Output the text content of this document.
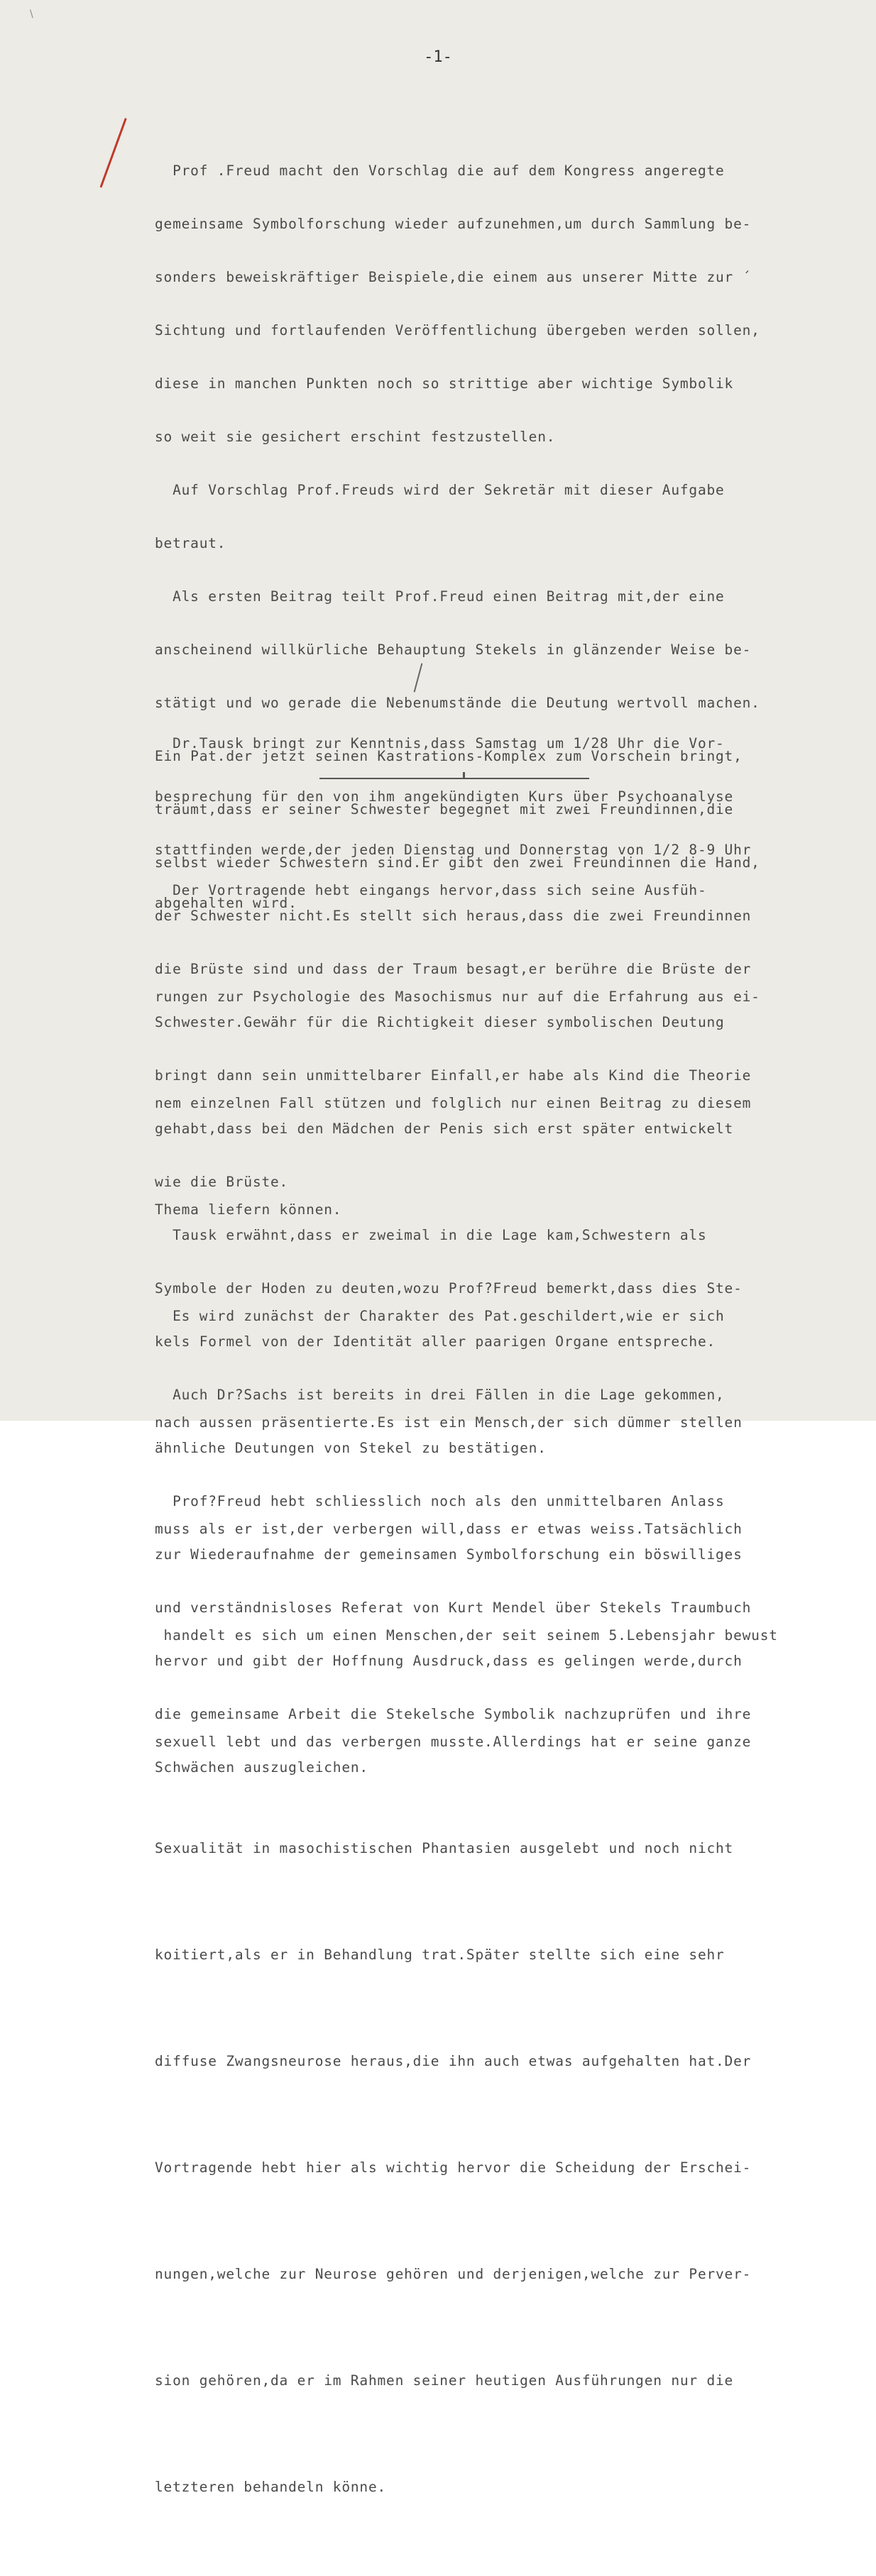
\
-1-

Prof .Freud macht den Vorschlag die auf dem Kongress angeregte

gemeinsame Symbolforschung wieder aufzunehmen,um durch Sammlung be-

sonders beweiskräftiger Beispiele,die einem aus unserer Mitte zur ´

Sichtung und fortlaufenden Veröffentlichung übergeben werden sollen,

diese in manchen Punkten noch so strittige aber wichtige Symbolik

so weit sie gesichert erschint festzustellen.

Auf Vorschlag Prof.Freuds wird der Sekretär mit dieser Aufgabe

betraut.

Als ersten Beitrag teilt Prof.Freud einen Beitrag mit,der eine

anscheinend willkürliche Behauptung Stekels in glänzender Weise be-

stätigt und wo gerade die Nebenumstände die Deutung wertvoll machen.

Ein Pat.der jetzt seinen Kastrations-Komplex zum Vorschein bringt,

träumt,dass er seiner Schwester begegnet mit zwei Freundinnen,die

selbst wieder Schwestern sind.Er gibt den zwei Freundinnen die Hand,

der Schwester nicht.Es stellt sich heraus,dass die zwei Freundinnen

die Brüste sind und dass der Traum besagt,er berühre die Brüste der

Schwester.Gewähr für die Richtigkeit dieser symbolischen Deutung

bringt dann sein unmittelbarer Einfall,er habe als Kind die Theorie

gehabt,dass bei den Mädchen der Penis sich erst später entwickelt

wie die Brüste.

Tausk erwähnt,dass er zweimal in die Lage kam,Schwestern als

Symbole der Hoden zu deuten,wozu Prof?Freud bemerkt,dass dies Ste-

kels Formel von der Identität aller paarigen Organe entspreche.

Auch Dr?Sachs ist bereits in drei Fällen in die Lage gekommen,

ähnliche Deutungen von Stekel zu bestätigen.

Prof?Freud hebt schliesslich noch als den unmittelbaren Anlass

zur Wiederaufnahme der gemeinsamen Symbolforschung ein böswilliges

und verständnisloses Referat von Kurt Mendel über Stekels Traumbuch

hervor und gibt der Hoffnung Ausdruck,dass es gelingen werde,durch

die gemeinsame Arbeit die Stekelsche Symbolik nachzuprüfen und ihre

Schwächen auszugleichen.

Dr.Tausk bringt zur Kenntnis,dass Samstag um 1/28 Uhr die Vor-

besprechung für den von ihm angekündigten Kurs über Psychoanalyse

stattfinden werde,der jeden Dienstag und Donnerstag von 1/2 8-9 Uhr

abgehalten wird.

Der Vortragende hebt eingangs hervor,dass sich seine Ausfüh-

rungen zur Psychologie des Masochismus nur auf die Erfahrung aus ei-

nem einzelnen Fall stützen und folglich nur einen Beitrag zu diesem

Thema liefern können.

Es wird zunächst der Charakter des Pat.geschildert,wie er sich

nach aussen präsentierte.Es ist ein Mensch,der sich dümmer stellen

muss als er ist,der verbergen will,dass er etwas weiss.Tatsächlich

handelt es sich um einen Menschen,der seit seinem 5.Lebensjahr bewust

sexuell lebt und das verbergen musste.Allerdings hat er seine ganze

Sexualität in masochistischen Phantasien ausgelebt und noch nicht

koitiert,als er in Behandlung trat.Später stellte sich eine sehr

diffuse Zwangsneurose heraus,die ihn auch etwas aufgehalten hat.Der

Vortragende hebt hier als wichtig hervor die Scheidung der Erschei-

nungen,welche zur Neurose gehören und derjenigen,welche zur Perver-

sion gehören,da er im Rahmen seiner heutigen Ausführungen nur die

letzteren behandeln könne.
